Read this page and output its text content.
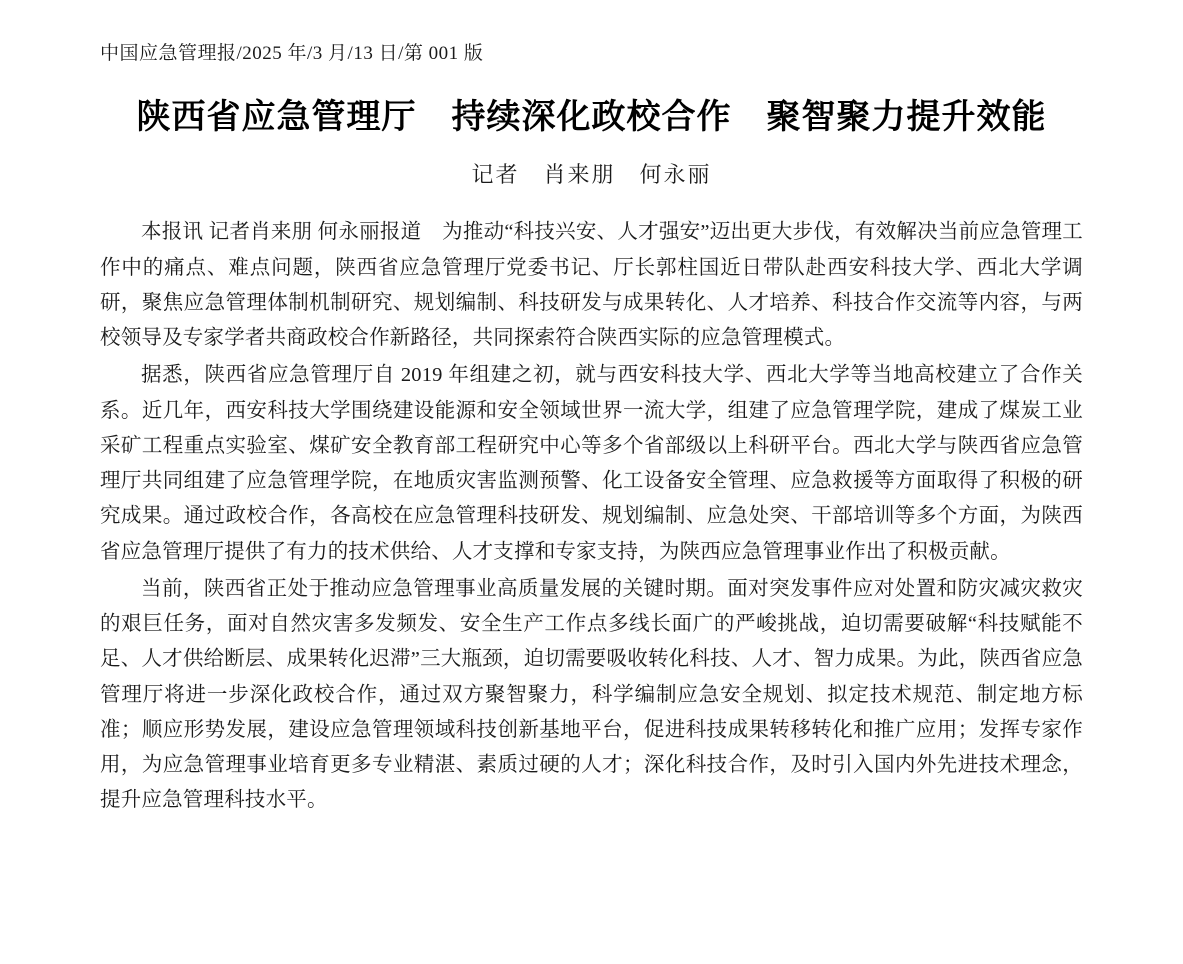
中国应急管理报/2025 年/3 月/13 日/第 001 版
陕西省应急管理厅　持续深化政校合作　聚智聚力提升效能
记者　肖来朋　何永丽

本报讯 记者肖来朋 何永丽报道　为推动“科技兴安、人才强安”迈出更大步伐，有效解决当前应急管理工作中的痛点、难点问题，陕西省应急管理厅党委书记、厅长郭柱国近日带队赴西安科技大学、西北大学调研，聚焦应急管理体制机制研究、规划编制、科技研发与成果转化、人才培养、科技合作交流等内容，与两校领导及专家学者共商政校合作新路径，共同探索符合陕西实际的应急管理模式。

据悉，陕西省应急管理厅自 2019 年组建之初，就与西安科技大学、西北大学等当地高校建立了合作关系。近几年，西安科技大学围绕建设能源和安全领域世界一流大学，组建了应急管理学院，建成了煤炭工业采矿工程重点实验室、煤矿安全教育部工程研究中心等多个省部级以上科研平台。西北大学与陕西省应急管理厅共同组建了应急管理学院，在地质灾害监测预警、化工设备安全管理、应急救援等方面取得了积极的研究成果。通过政校合作，各高校在应急管理科技研发、规划编制、应急处突、干部培训等多个方面，为陕西省应急管理厅提供了有力的技术供给、人才支撑和专家支持，为陕西应急管理事业作出了积极贡献。

当前，陕西省正处于推动应急管理事业高质量发展的关键时期。面对突发事件应对处置和防灾减灾救灾的艰巨任务，面对自然灾害多发频发、安全生产工作点多线长面广的严峻挑战，迫切需要破解“科技赋能不足、人才供给断层、成果转化迟滞”三大瓶颈，迫切需要吸收转化科技、人才、智力成果。为此，陕西省应急管理厅将进一步深化政校合作，通过双方聚智聚力，科学编制应急安全规划、拟定技术规范、制定地方标准；顺应形势发展，建设应急管理领域科技创新基地平台，促进科技成果转移转化和推广应用；发挥专家作用，为应急管理事业培育更多专业精湛、素质过硬的人才；深化科技合作，及时引入国内外先进技术理念，提升应急管理科技水平。
